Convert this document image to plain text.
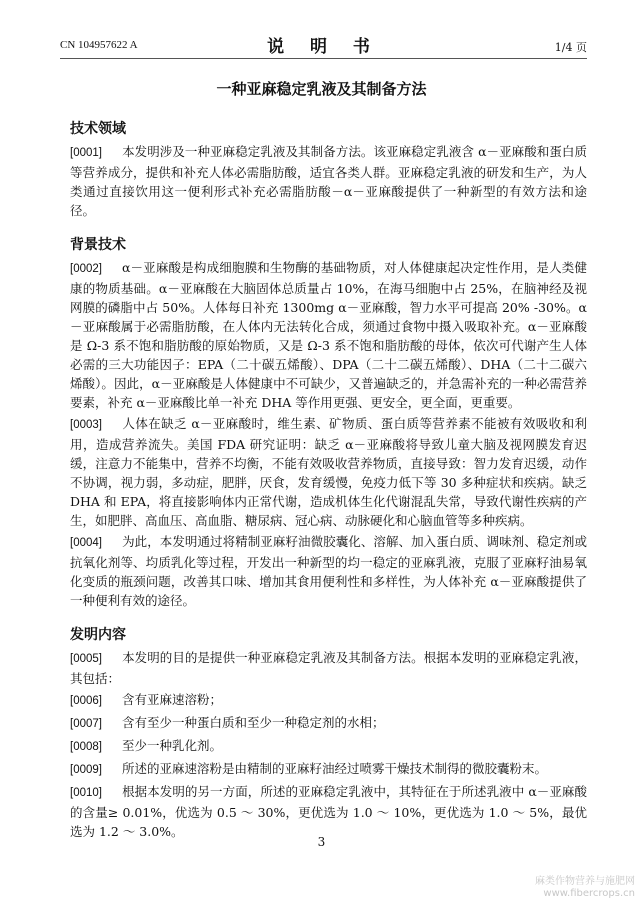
CN 104957622 A	说 明 书	1/4 页
一种亚麻稳定乳液及其制备方法
技术领域
[0001] 本发明涉及一种亚麻稳定乳液及其制备方法。该亚麻稳定乳液含 α－亚麻酸和蛋白质等营养成分，提供和补充人体必需脂肪酸，适宜各类人群。亚麻稳定乳液的研发和生产，为人类通过直接饮用这一便利形式补充必需脂肪酸－α－亚麻酸提供了一种新型的有效方法和途径。
背景技术
[0002] α－亚麻酸是构成细胞膜和生物酶的基础物质，对人体健康起决定性作用，是人类健康的物质基础。α－亚麻酸在大脑固体总质量占 10%，在海马细胞中占 25%，在脑神经及视网膜的磷脂中占 50%。人体每日补充 1300mg α－亚麻酸，智力水平可提高 20% -30%。α－亚麻酸属于必需脂肪酸，在人体内无法转化合成，须通过食物中摄入吸取补充。α－亚麻酸是 Ω-3 系不饱和脂肪酸的原始物质，又是 Ω-3 系不饱和脂肪酸的母体，依次可代谢产生人体必需的三大功能因子：EPA（二十碳五烯酸）、DPA（二十二碳五烯酸）、DHA（二十二碳六烯酸）。因此，α－亚麻酸是人体健康中不可缺少，又普遍缺乏的，并急需补充的一种必需营养要素，补充 α－亚麻酸比单一补充 DHA 等作用更强、更安全，更全面，更重要。
[0003] 人体在缺乏 α－亚麻酸时，维生素、矿物质、蛋白质等营养素不能被有效吸收和利用，造成营养流失。美国 FDA 研究证明：缺乏 α－亚麻酸将导致儿童大脑及视网膜发育迟缓，注意力不能集中，营养不均衡，不能有效吸收营养物质，直接导致：智力发育迟缓，动作不协调，视力弱，多动症，肥胖，厌食，发育缓慢，免疫力低下等 30 多种症状和疾病。缺乏 DHA 和 EPA，将直接影响体内正常代谢，造成机体生化代谢混乱失常，导致代谢性疾病的产生，如肥胖、高血压、高血脂、糖尿病、冠心病、动脉硬化和心脑血管等多种疾病。
[0004] 为此，本发明通过将精制亚麻籽油微胶囊化、溶解、加入蛋白质、调味剂、稳定剂或抗氧化剂等、均质乳化等过程，开发出一种新型的均一稳定的亚麻乳液，克服了亚麻籽油易氧化变质的瓶颈问题，改善其口味、增加其食用便利性和多样性，为人体补充 α－亚麻酸提供了一种便利有效的途径。
发明内容
[0005] 本发明的目的是提供一种亚麻稳定乳液及其制备方法。根据本发明的亚麻稳定乳液，其包括：
[0006] 含有亚麻速溶粉；
[0007] 含有至少一种蛋白质和至少一种稳定剂的水相；
[0008] 至少一种乳化剂。
[0009] 所述的亚麻速溶粉是由精制的亚麻籽油经过喷雾干燥技术制得的微胶囊粉末。
[0010] 根据本发明的另一方面，所述的亚麻稳定乳液中，其特征在于所述乳液中 α－亚麻酸的含量≥ 0.01%，优选为 0.5 ～ 30%，更优选为 1.0 ～ 10%，更优选为 1.0 ～ 5%，最优选为 1.2 ～ 3.0%。
3
麻类作物营养与施肥网
www.fibercrops.cn
